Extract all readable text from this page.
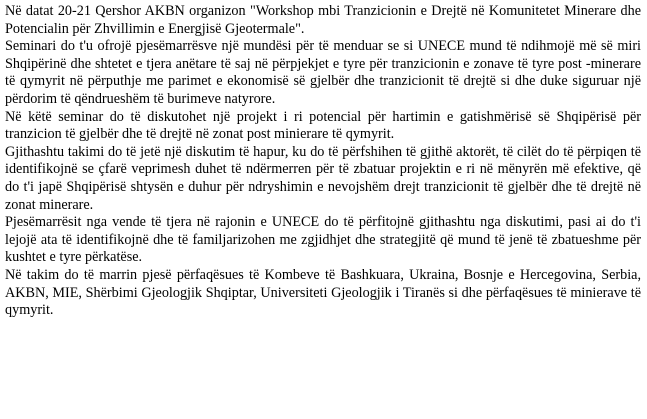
Në datat 20-21 Qershor AKBN organizon "Workshop mbi Tranzicionin e Drejtë në Komunitetet Minerare dhe Potencialin për Zhvillimin e Energjisë Gjeotermale".

Seminari do t'u ofrojë pjesëmarrësve një mundësi për të menduar se si UNECE mund të ndihmojë më së miri Shqipërinë dhe shtetet e tjera anëtare të saj në përpjekjet e tyre për tranzicionin e zonave të tyre post -minerare të qymyrit në përputhje me parimet e ekonomisë së gjelbër dhe tranzicionit të drejtë si dhe duke siguruar një përdorim të qëndrueshëm të burimeve natyrore.

Në këtë seminar do të diskutohet një projekt i ri potencial për hartimin e gatishmërisë së Shqipërisë për tranzicion të gjelbër dhe të drejtë në zonat post minierare të qymyrit.

Gjithashtu takimi do të jetë një diskutim të hapur, ku do të përfshihen të gjithë aktorët, të cilët do të përpiqen të identifikojnë se çfarë veprimesh duhet të ndërmerren për të zbatuar projektin e ri në mënyrën më efektive, që do t'i japë Shqipërisë shtysën e duhur për ndryshimin e nevojshëm drejt tranzicionit të gjelbër dhe të drejtë në zonat minerare.

Pjesëmarrësit nga vende të tjera në rajonin e UNECE do të përfitojnë gjithashtu nga diskutimi, pasi ai do t'i lejojë ata të identifikojnë dhe të familjarizohen me zgjidhjet dhe strategjitë që mund të jenë të zbatueshme për kushtet e tyre përkatëse.

Në takim do të marrin pjesë përfaqësues të Kombeve të Bashkuara, Ukraina, Bosnje e Hercegovina, Serbia, AKBN, MIE, Shërbimi Gjeologjik Shqiptar, Universiteti Gjeologjik i Tiranës si dhe përfaqësues të minierave të qymyrit.
